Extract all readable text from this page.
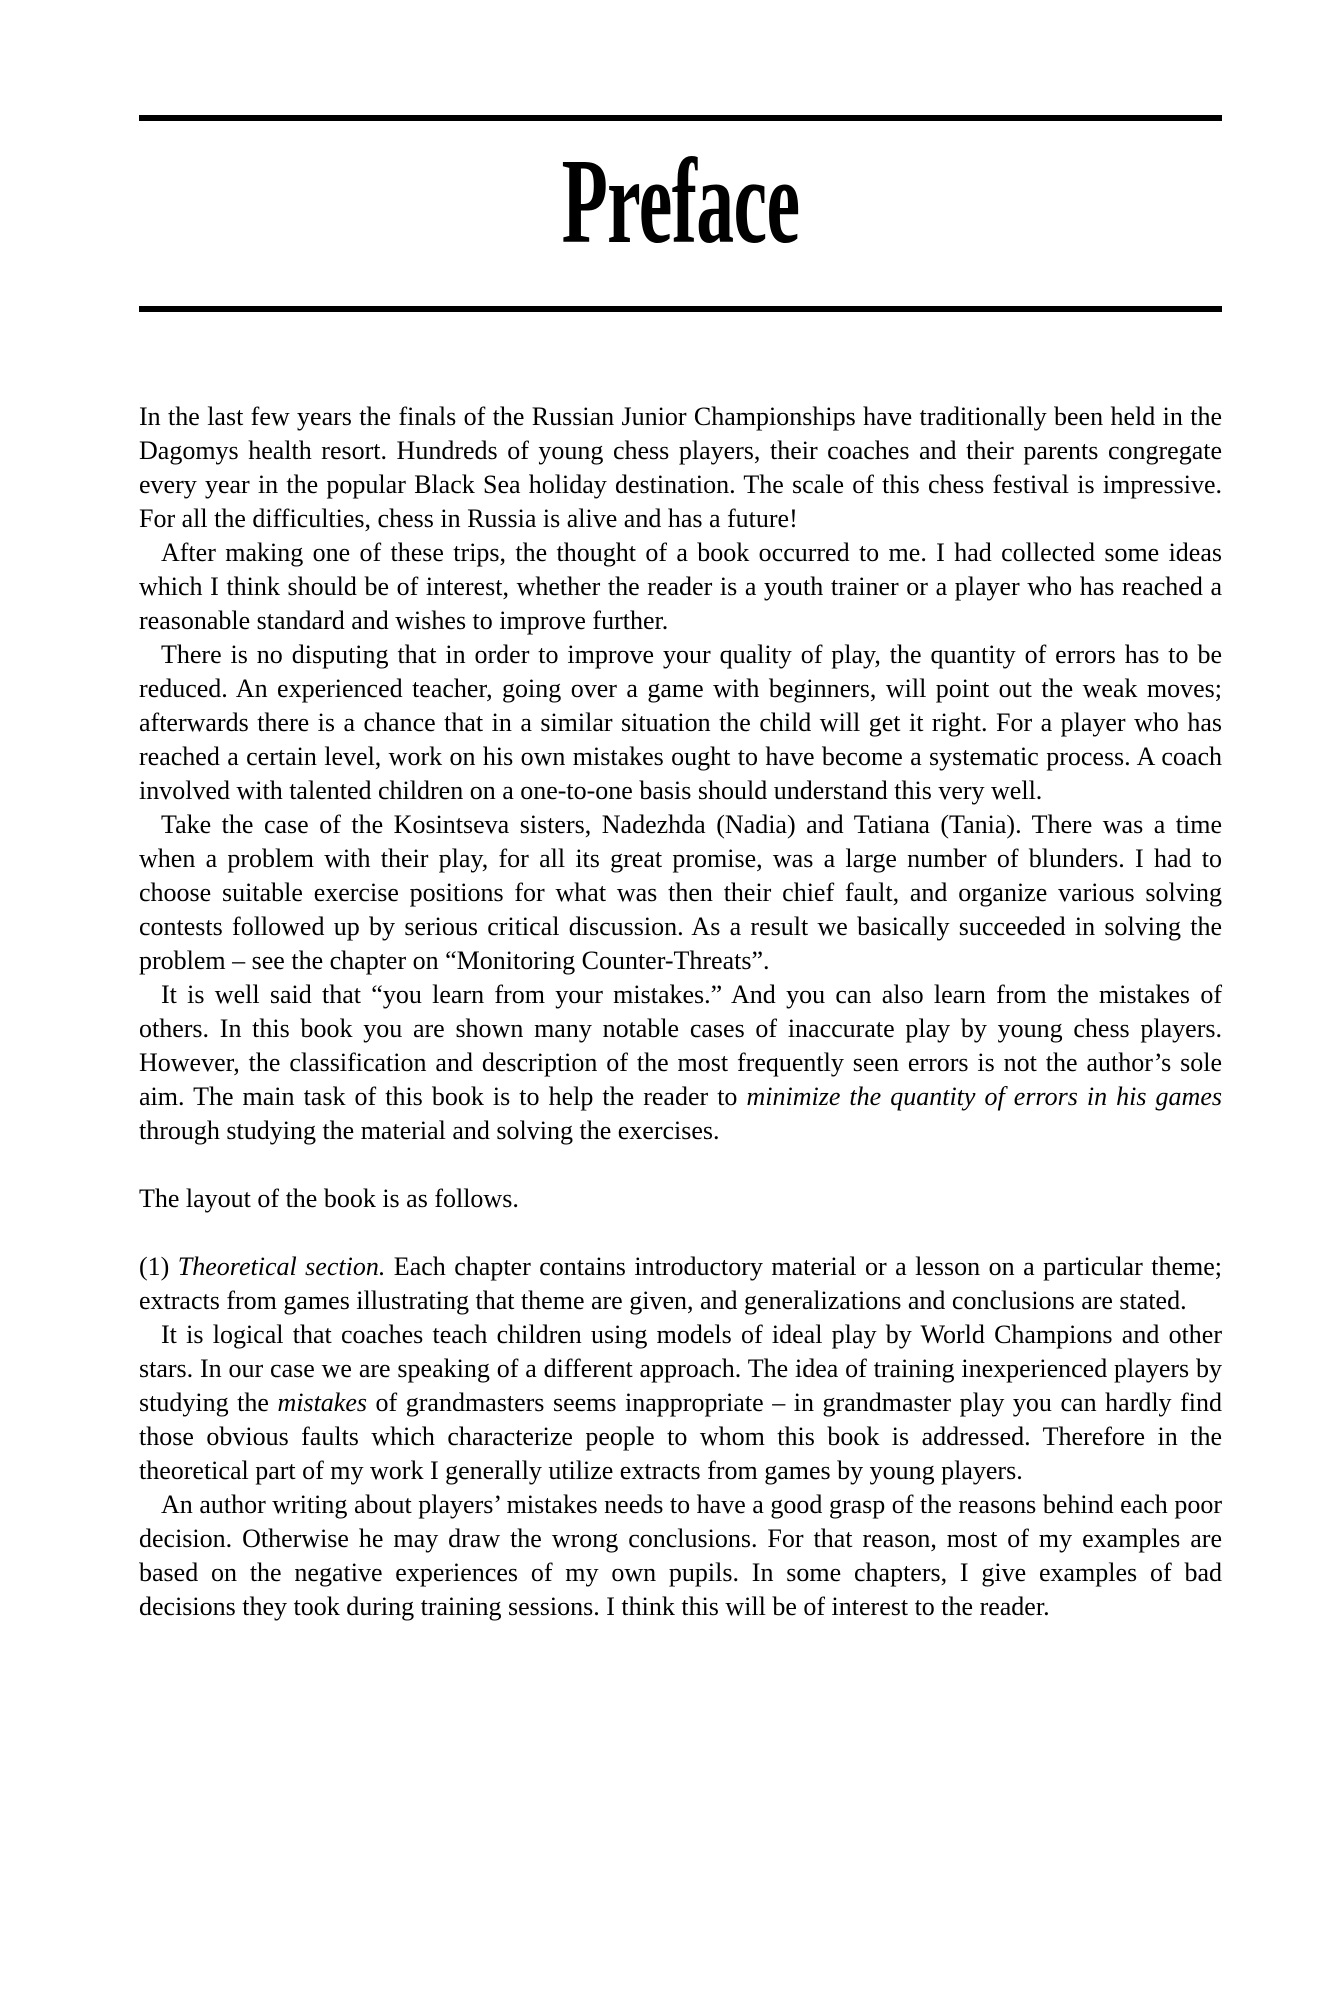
Preface

In the last few years the finals of the Russian Junior Championships have traditionally been held in the Dagomys health resort. Hundreds of young chess players, their coaches and their parents congregate every year in the popular Black Sea holiday destination. The scale of this chess festival is impressive. For all the difficulties, chess in Russia is alive and has a future!

After making one of these trips, the thought of a book occurred to me. I had collected some ideas which I think should be of interest, whether the reader is a youth trainer or a player who has reached a reasonable standard and wishes to improve further.

There is no disputing that in order to improve your quality of play, the quantity of errors has to be reduced. An experienced teacher, going over a game with beginners, will point out the weak moves; afterwards there is a chance that in a similar situation the child will get it right. For a player who has reached a certain level, work on his own mistakes ought to have become a systematic process. A coach involved with talented children on a one-to-one basis should understand this very well.

Take the case of the Kosintseva sisters, Nadezhda (Nadia) and Tatiana (Tania). There was a time when a problem with their play, for all its great promise, was a large number of blunders. I had to choose suitable exercise positions for what was then their chief fault, and organize various solving contests followed up by serious critical discussion. As a result we basically succeeded in solving the problem – see the chapter on “Monitoring Counter-Threats”.

It is well said that “you learn from your mistakes.” And you can also learn from the mistakes of others. In this book you are shown many notable cases of inaccurate play by young chess players. However, the classification and description of the most frequently seen errors is not the author’s sole aim. The main task of this book is to help the reader to minimize the quantity of errors in his games through studying the material and solving the exercises.

The layout of the book is as follows.

(1) Theoretical section. Each chapter contains introductory material or a lesson on a particular theme; extracts from games illustrating that theme are given, and generalizations and conclusions are stated.

It is logical that coaches teach children using models of ideal play by World Champions and other stars. In our case we are speaking of a different approach. The idea of training inexperienced players by studying the mistakes of grandmasters seems inappropriate – in grandmaster play you can hardly find those obvious faults which characterize people to whom this book is addressed. Therefore in the theoretical part of my work I generally utilize extracts from games by young players.

An author writing about players’ mistakes needs to have a good grasp of the reasons behind each poor decision. Otherwise he may draw the wrong conclusions. For that reason, most of my examples are based on the negative experiences of my own pupils. In some chapters, I give examples of bad decisions they took during training sessions. I think this will be of interest to the reader.
